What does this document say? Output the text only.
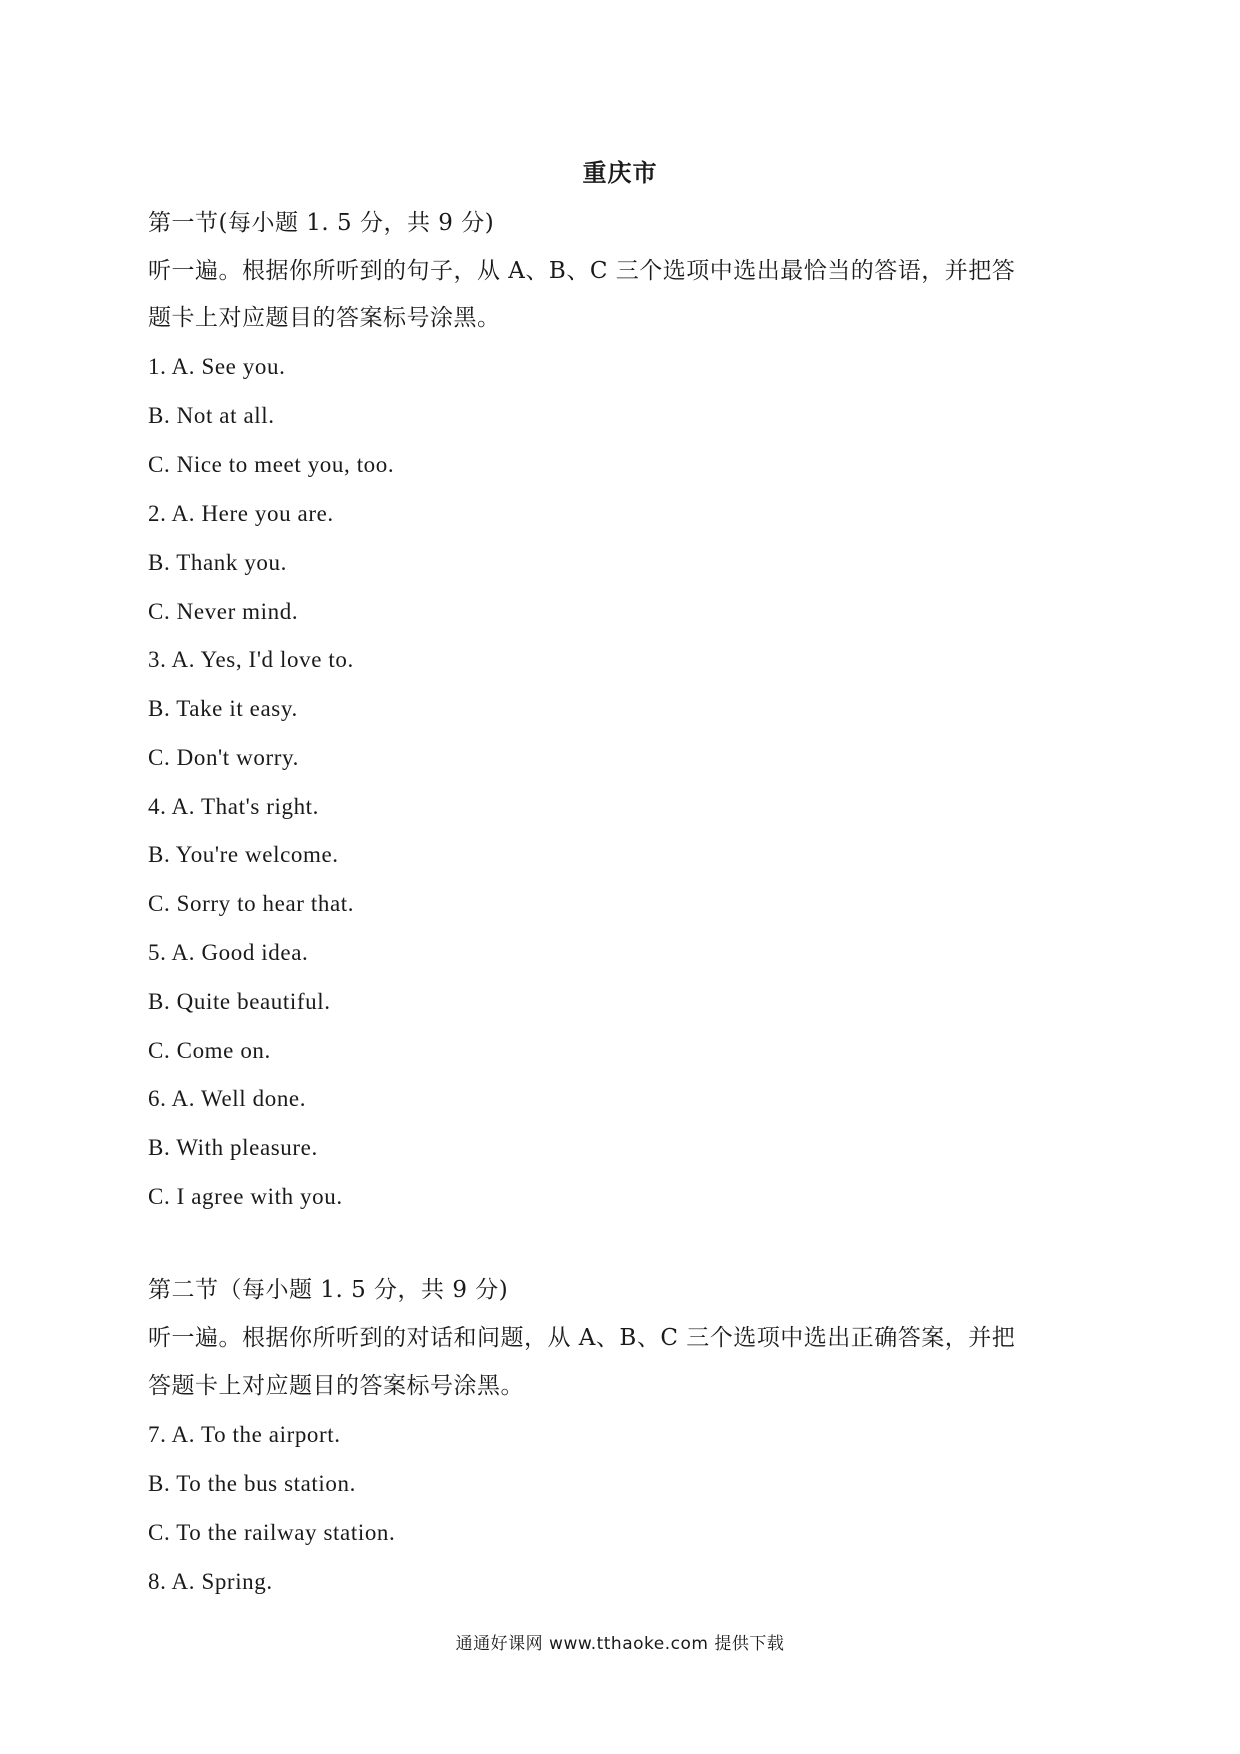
重庆市
第一节(每小题 1. 5 分，共 9 分)
听一遍。根据你所听到的句子，从 A、B、C 三个选项中选出最恰当的答语，并把答
题卡上对应题目的答案标号涂黑。
1. A. See you.
B. Not at all.
C. Nice to meet you, too.
2. A. Here you are.
B. Thank you.
C. Never mind.
3. A. Yes, I'd love to.
B. Take it easy.
C. Don't worry.
4. A. That's right.
B. You're welcome.
C. Sorry to hear that.
5. A. Good idea.
B. Quite beautiful.
C. Come on.
6. A. Well done.
B. With pleasure.
C. I agree with you.
第二节（每小题 1. 5 分，共 9 分)
听一遍。根据你所听到的对话和问题，从 A、B、C 三个选项中选出正确答案，并把
答题卡上对应题目的答案标号涂黑。
7. A. To the airport.
B. To the bus station.
C. To the railway station.
8. A. Spring.
通通好课网 www.tthaoke.com 提供下载
